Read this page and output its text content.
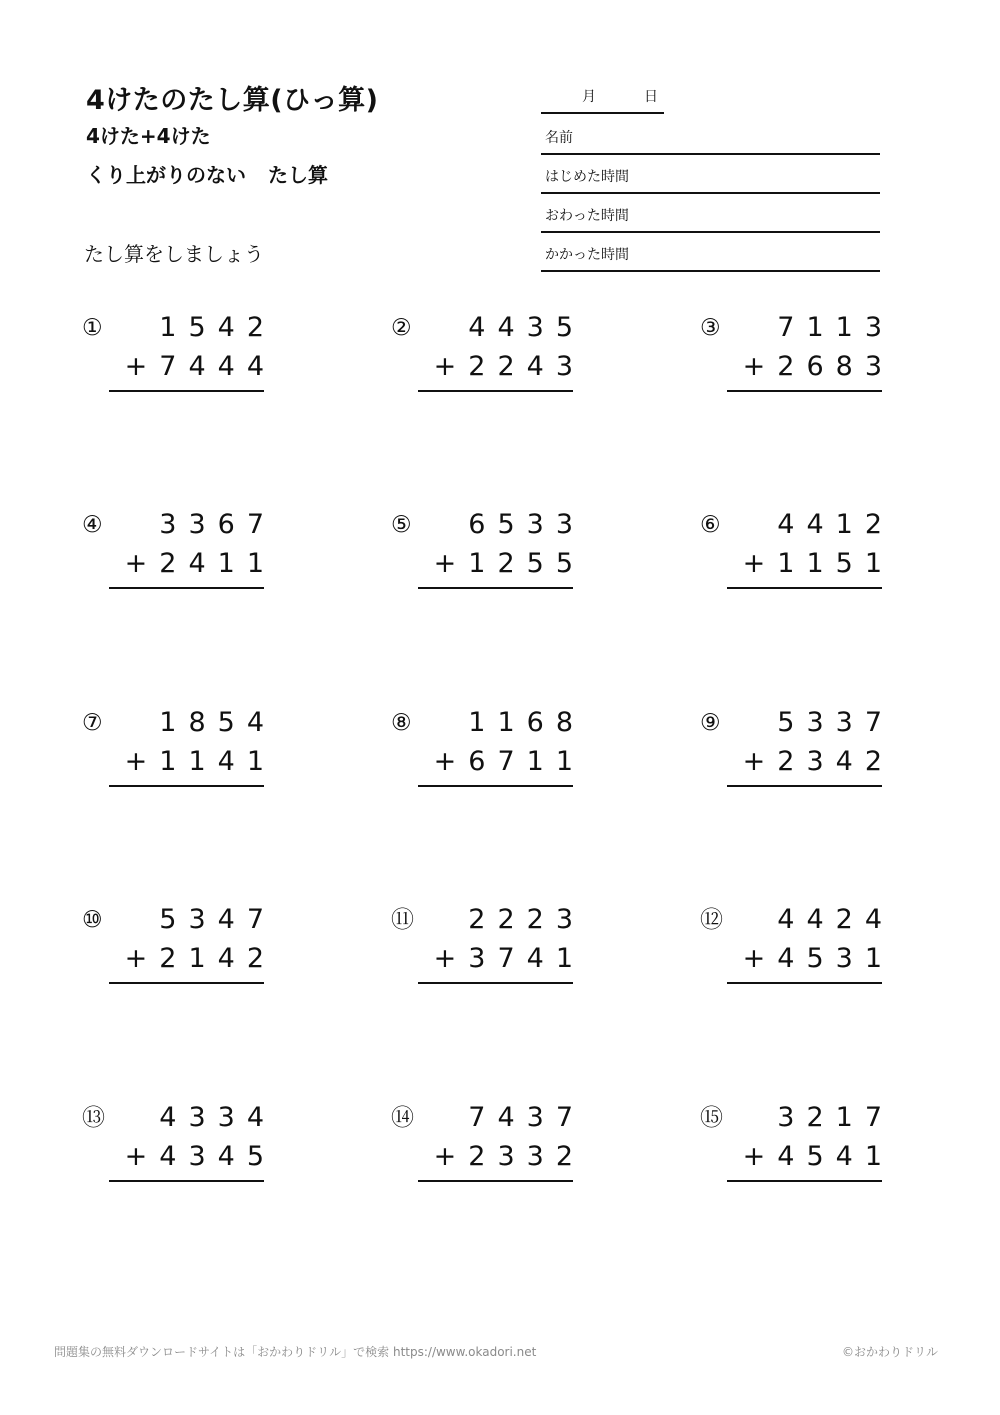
4けたのたし算(ひっ算)
4けた+4けた
くり上がりのない たし算
たし算をしましょう
月	日
名前
はじめた時間
おわった時間
かかった時間
① 1542
+7444
② 4435
+2243
③ 7113
+2683
④ 3367
+2411
⑤ 6533
+1255
⑥ 4412
+1151
⑦ 1854
+1141
⑧ 1168
+6711
⑨ 5337
+2342
⑩ 5347
+2142
⑪ 2223
+3741
⑫ 4424
+4531
⑬ 4334
+4345
⑭ 7437
+2332
⑮ 3217
+4541
問題集の無料ダウンロードサイトは「おかわりドリル」で検索 https://www.okadori.net	©おかわりドリル
